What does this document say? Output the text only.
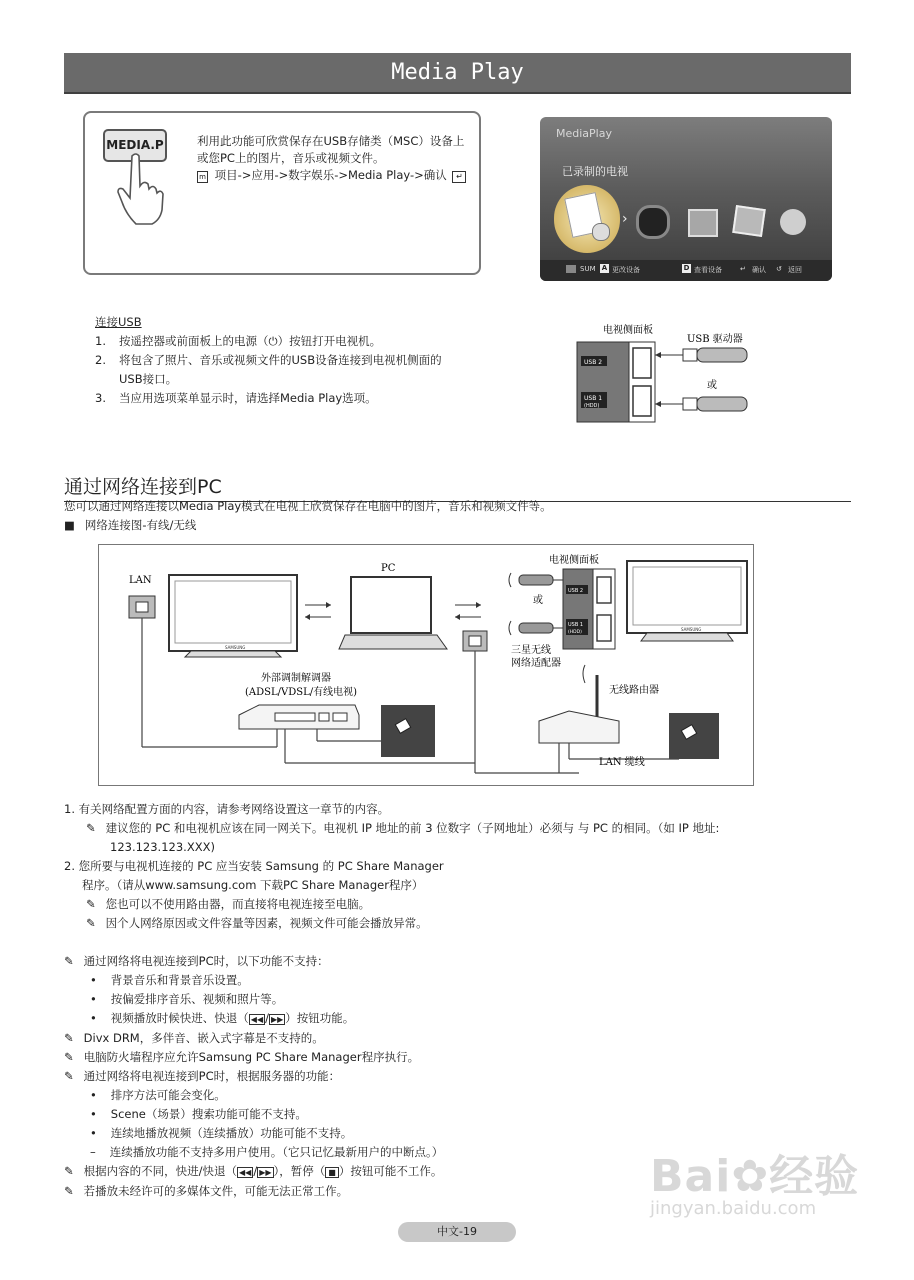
Media Play
MEDIA.P	利用此功能可欣赏保存在USB存储类（MSC）设备上
或您PC上的图片，音乐或视频文件。
m 项目->应用->数字娱乐->Media Play->确认 ↵
MediaPlay
已录制的电视
›
SUM A 更改设备	D 查看设备	↵ 确认 ↺ 返回
连接USB
1. 按遥控器或前面板上的电源（⏻）按钮打开电视机。
2. 将包含了照片、音乐或视频文件的USB设备连接到电视机侧面的
USB接口。
3. 当应用选项菜单显示时，请选择Media Play选项。
电视侧面板
USB 驱动器
USB 2
USB 1
(HDD)
或
通过网络连接到PC
您可以通过网络连接以Media Play模式在电视上欣赏保存在电脑中的图片，音乐和视频文件等。
■ 网络连接图-有线/无线
LAN
SAMSUNG
PC
电视侧面板
USB 2
USB 1
(HDD)
或
三星无线
网络适配器
SAMSUNG
外部调制解调器
(ADSL/VDSL/有线电视)	无线路由器
LAN 缆线
1. 有关网络配置方面的内容，请参考网络设置这一章节的内容。
✎ 建议您的 PC 和电视机应该在同一网关下。电视机 IP 地址的前 3 位数字（子网地址）必须与 与 PC 的相同。（如 IP 地址:
123.123.123.XXX)
2. 您所要与电视机连接的 PC 应当安装 Samsung 的 PC Share Manager
程序。（请从www.samsung.com 下载PC Share Manager程序）
✎ 您也可以不使用路由器，而直接将电视连接至电脑。
✎ 因个人网络原因或文件容量等因素，视频文件可能会播放异常。
✎ 通过网络将电视连接到PC时，以下功能不支持：
• 背景音乐和背景音乐设置。
• 按偏爱排序音乐、视频和照片等。
• 视频播放时候快进、快退（ ◀◀ / ▶▶ ）按钮功能。
✎ Divx DRM，多伴音、嵌入式字幕是不支持的。
✎ 电脑防火墙程序应允许Samsung PC Share Manager程序执行。
✎ 通过网络将电视连接到PC时，根据服务器的功能：
• 排序方法可能会变化。
• Scene（场景）搜索功能可能不支持。
• 连续地播放视频（连续播放）功能可能不支持。
– 连续播放功能不支持多用户使用。（它只记忆最新用户的中断点。）
✎ 根据内容的不同，快进/快退（ ◀◀ / ▶▶ ），暂停（ ■ ）按钮可能不工作。
✎ 若播放未经许可的多媒体文件，可能无法正常工作。
中文-19
Bai✿经验
jingyan.baidu.com
